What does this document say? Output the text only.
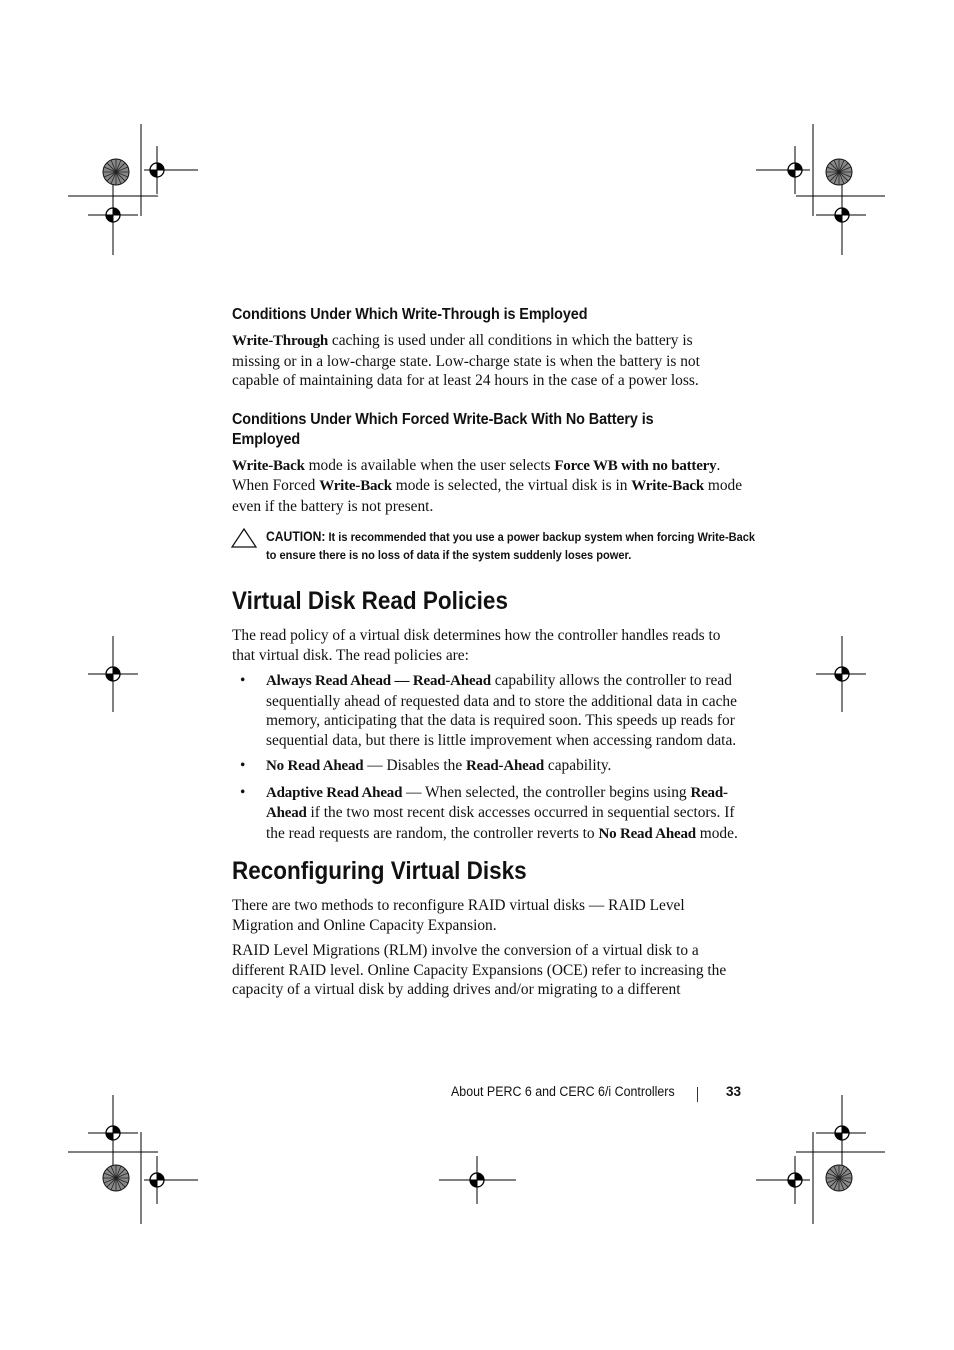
Conditions Under Which Write-Through is Employed

Write-Through caching is used under all conditions in which the battery is missing or in a low-charge state. Low-charge state is when the battery is not capable of maintaining data for at least 24 hours in the case of a power loss.

Conditions Under Which Forced Write-Back With No Battery is Employed

Write-Back mode is available when the user selects Force WB with no battery. When Forced Write-Back mode is selected, the virtual disk is in Write-Back mode even if the battery is not present.

CAUTION: It is recommended that you use a power backup system when forcing Write-Back to ensure there is no loss of data if the system suddenly loses power.
Virtual Disk Read Policies

The read policy of a virtual disk determines how the controller handles reads to that virtual disk. The read policies are:

• Always Read Ahead — Read-Ahead capability allows the controller to read sequentially ahead of requested data and to store the additional data in cache memory, anticipating that the data is required soon. This speeds up reads for sequential data, but there is little improvement when accessing random data.
• No Read Ahead — Disables the Read-Ahead capability.
• Adaptive Read Ahead — When selected, the controller begins using Read-Ahead if the two most recent disk accesses occurred in sequential sectors. If the read requests are random, the controller reverts to No Read Ahead mode.
Reconfiguring Virtual Disks

There are two methods to reconfigure RAID virtual disks — RAID Level Migration and Online Capacity Expansion.

RAID Level Migrations (RLM) involve the conversion of a virtual disk to a different RAID level. Online Capacity Expansions (OCE) refer to increasing the capacity of a virtual disk by adding drives and/or migrating to a different

About PERC 6 and CERC 6/i Controllers	33
